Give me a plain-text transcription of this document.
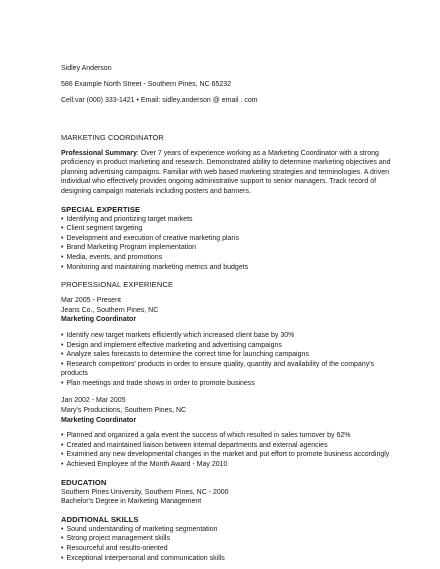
Sidley Anderson
586 Example North Street - Southern Pines, NC 65232
Cell:var (000) 333-1421 • Email: sidley.anderson @ email . com
MARKETING COORDINATOR
Professional Summary: Over 7 years of experience working as a Marketing Coordinator with a strong proficiency in product marketing and research. Demonstrated ability to determine marketing objectives and planning advertising campaigns. Familiar with web based marketing strategies and terminologies. A driven individual who effectively provides ongoing administrative support to senior managers. Track record of designing campaign materials including posters and banners.
SPECIAL EXPERTISE
• Identifying and prioritizing target markets
• Client segment targeting
• Development and execution of creative marketing plans
• Brand Marketing Program implementation
• Media, events, and promotions
• Monitoring and maintaining marketing metrics and budgets
PROFESSIONAL EXPERIENCE
Mar 2005 - Present
Jeans Co., Southern Pines, NC
Marketing Coordinator
• Identify new target markets efficiently which increased client base by 30%
• Design and implement effective marketing and advertising campaigns
• Analyze sales forecasts to determine the correct time for launching campaigns
• Research competitors' products in order to ensure quality, quantity and availability of the company's products
• Plan meetings and trade shows in order to promote business
Jan 2002 - Mar 2005
Mary's Productions, Southern Pines, NC
Marketing Coordinator
• Planned and organized a gala event the success of which resulted in sales turnover by 62%
• Created and maintained liaison between internal departments and external agencies
• Examined any new developmental changes in the market and put effort to promote business accordingly
• Achieved Employee of the Month Award - May 2010
EDUCATION
Southern Pines University, Southern Pines, NC - 2000
Bachelor's Degree in Marketing Management
ADDITIONAL SKILLS
• Sound understanding of marketing segmentation
• Strong project management skills
• Resourceful and results-oriented
• Exceptional interpersonal and communication skills
